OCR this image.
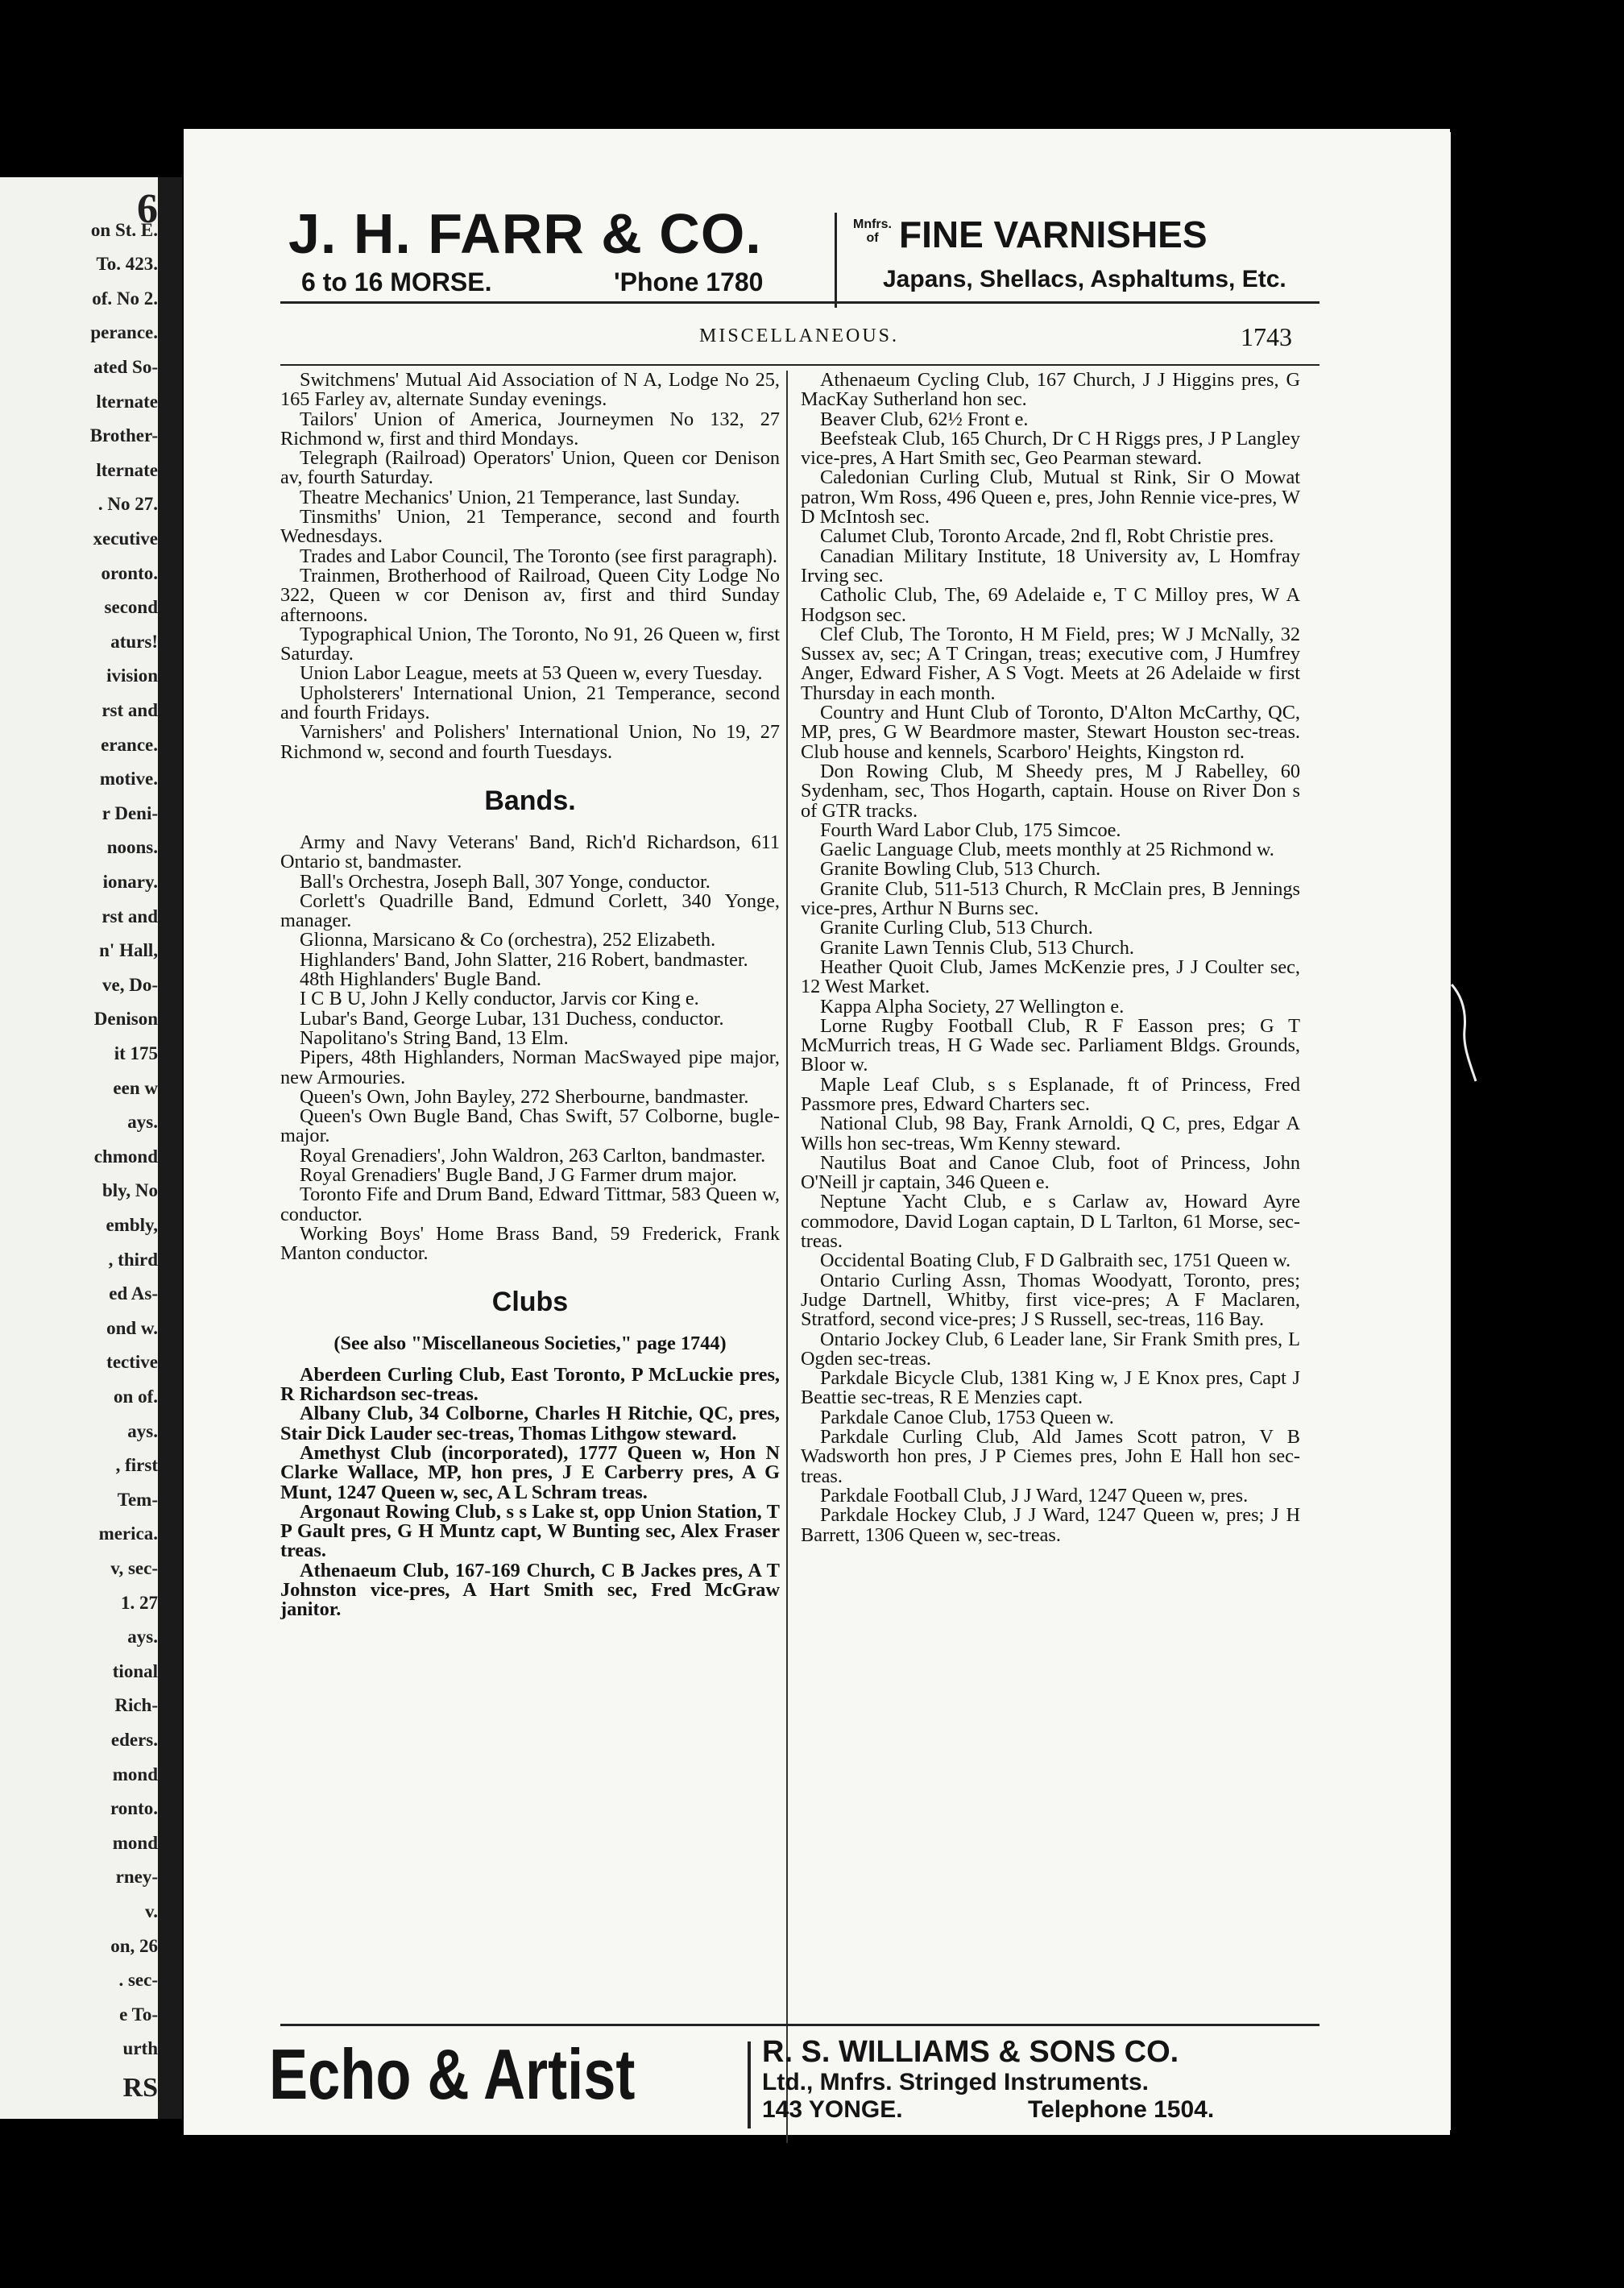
6
on St. E.
To. 423.
of. No 2.
perance.
ated So-
lternate
Brother-
lternate
. No 27.
xecutive
oronto.
second
aturs!
ivision
rst and
erance.
motive.
r Deni-
noons.
ionary.
rst and
n' Hall,
ve, Do-
Denison
it 175
een w
ays.
chmond
bly, No
embly,
, third
ed As-
ond w.
tective
on of.
ays.
, first
Tem-
merica.
v, sec-
1. 27
ays.
tional
Rich-
eders.
mond
ronto.
mond
rney-
v.
on, 26
. sec-
e To-
urth
RS
J. H. FARR & CO.
6 to 16 MORSE.	'Phone 1780
Mnfrs.
of FINE VARNISHES
Japans, Shellacs, Asphaltums, Etc.
MISCELLANEOUS.	1743

Switchmens' Mutual Aid Association of N A, Lodge No 25, 165 Farley av, alternate Sunday evenings.

Tailors' Union of America, Journeymen No 132, 27 Richmond w, first and third Mondays.

Telegraph (Railroad) Operators' Union, Queen cor Denison av, fourth Saturday.

Theatre Mechanics' Union, 21 Temperance, last Sunday.

Tinsmiths' Union, 21 Temperance, second and fourth Wednesdays.

Trades and Labor Council, The Toronto (see first paragraph).

Trainmen, Brotherhood of Railroad, Queen City Lodge No 322, Queen w cor Denison av, first and third Sunday afternoons.

Typographical Union, The Toronto, No 91, 26 Queen w, first Saturday.

Union Labor League, meets at 53 Queen w, every Tuesday.

Upholsterers' International Union, 21 Temperance, second and fourth Fridays.

Varnishers' and Polishers' International Union, No 19, 27 Richmond w, second and fourth Tuesdays.

Bands.

Army and Navy Veterans' Band, Rich'd Richardson, 611 Ontario st, bandmaster.

Ball's Orchestra, Joseph Ball, 307 Yonge, conductor.

Corlett's Quadrille Band, Edmund Corlett, 340 Yonge, manager.

Glionna, Marsicano & Co (orchestra), 252 Elizabeth.

Highlanders' Band, John Slatter, 216 Robert, bandmaster.

48th Highlanders' Bugle Band.

I C B U, John J Kelly conductor, Jarvis cor King e.

Lubar's Band, George Lubar, 131 Duchess, conductor.

Napolitano's String Band, 13 Elm.

Pipers, 48th Highlanders, Norman MacSwayed pipe major, new Armouries.

Queen's Own, John Bayley, 272 Sherbourne, bandmaster.

Queen's Own Bugle Band, Chas Swift, 57 Colborne, bugle-major.

Royal Grenadiers', John Waldron, 263 Carlton, bandmaster.

Royal Grenadiers' Bugle Band, J G Farmer drum major.

Toronto Fife and Drum Band, Edward Tittmar, 583 Queen w, conductor.

Working Boys' Home Brass Band, 59 Frederick, Frank Manton conductor.

Clubs

(See also "Miscellaneous Societies," page 1744)

Aberdeen Curling Club, East Toronto, P McLuckie pres, R Richardson sec-treas.

Albany Club, 34 Colborne, Charles H Ritchie, QC, pres, Stair Dick Lauder sec-treas, Thomas Lithgow steward.

Amethyst Club (incorporated), 1777 Queen w, Hon N Clarke Wallace, MP, hon pres, J E Carberry pres, A G Munt, 1247 Queen w, sec, A L Schram treas.

Argonaut Rowing Club, s s Lake st, opp Union Station, T P Gault pres, G H Muntz capt, W Bunting sec, Alex Fraser treas.

Athenaeum Club, 167-169 Church, C B Jackes pres, A T Johnston vice-pres, A Hart Smith sec, Fred McGraw janitor.

Athenaeum Cycling Club, 167 Church, J J Higgins pres, G MacKay Sutherland hon sec.

Beaver Club, 62½ Front e.

Beefsteak Club, 165 Church, Dr C H Riggs pres, J P Langley vice-pres, A Hart Smith sec, Geo Pearman steward.

Caledonian Curling Club, Mutual st Rink, Sir O Mowat patron, Wm Ross, 496 Queen e, pres, John Rennie vice-pres, W D McIntosh sec.

Calumet Club, Toronto Arcade, 2nd fl, Robt Christie pres.

Canadian Military Institute, 18 University av, L Homfray Irving sec.

Catholic Club, The, 69 Adelaide e, T C Milloy pres, W A Hodgson sec.

Clef Club, The Toronto, H M Field, pres; W J McNally, 32 Sussex av, sec; A T Cringan, treas; executive com, J Humfrey Anger, Edward Fisher, A S Vogt. Meets at 26 Adelaide w first Thursday in each month.

Country and Hunt Club of Toronto, D'Alton McCarthy, QC, MP, pres, G W Beardmore master, Stewart Houston sec-treas. Club house and kennels, Scarboro' Heights, Kingston rd.

Don Rowing Club, M Sheedy pres, M J Rabelley, 60 Sydenham, sec, Thos Hogarth, captain. House on River Don s of GTR tracks.

Fourth Ward Labor Club, 175 Simcoe.

Gaelic Language Club, meets monthly at 25 Richmond w.

Granite Bowling Club, 513 Church.

Granite Club, 511-513 Church, R McClain pres, B Jennings vice-pres, Arthur N Burns sec.

Granite Curling Club, 513 Church.

Granite Lawn Tennis Club, 513 Church.

Heather Quoit Club, James McKenzie pres, J J Coulter sec, 12 West Market.

Kappa Alpha Society, 27 Wellington e.

Lorne Rugby Football Club, R F Easson pres; G T McMurrich treas, H G Wade sec. Parliament Bldgs. Grounds, Bloor w.

Maple Leaf Club, s s Esplanade, ft of Princess, Fred Passmore pres, Edward Charters sec.

National Club, 98 Bay, Frank Arnoldi, Q C, pres, Edgar A Wills hon sec-treas, Wm Kenny steward.

Nautilus Boat and Canoe Club, foot of Princess, John O'Neill jr captain, 346 Queen e.

Neptune Yacht Club, e s Carlaw av, Howard Ayre commodore, David Logan captain, D L Tarlton, 61 Morse, sec-treas.

Occidental Boating Club, F D Galbraith sec, 1751 Queen w.

Ontario Curling Assn, Thomas Woodyatt, Toronto, pres; Judge Dartnell, Whitby, first vice-pres; A F Maclaren, Stratford, second vice-pres; J S Russell, sec-treas, 116 Bay.

Ontario Jockey Club, 6 Leader lane, Sir Frank Smith pres, L Ogden sec-treas.

Parkdale Bicycle Club, 1381 King w, J E Knox pres, Capt J Beattie sec-treas, R E Menzies capt.

Parkdale Canoe Club, 1753 Queen w.

Parkdale Curling Club, Ald James Scott patron, V B Wadsworth hon pres, J P Ciemes pres, John E Hall hon sec-treas.

Parkdale Football Club, J J Ward, 1247 Queen w, pres.

Parkdale Hockey Club, J J Ward, 1247 Queen w, pres; J H Barrett, 1306 Queen w, sec-treas.

Echo & Artist	R. S. WILLIAMS & SONS CO.
Ltd., Mnfrs. Stringed Instruments.
143 YONGE.	Telephone 1504.
